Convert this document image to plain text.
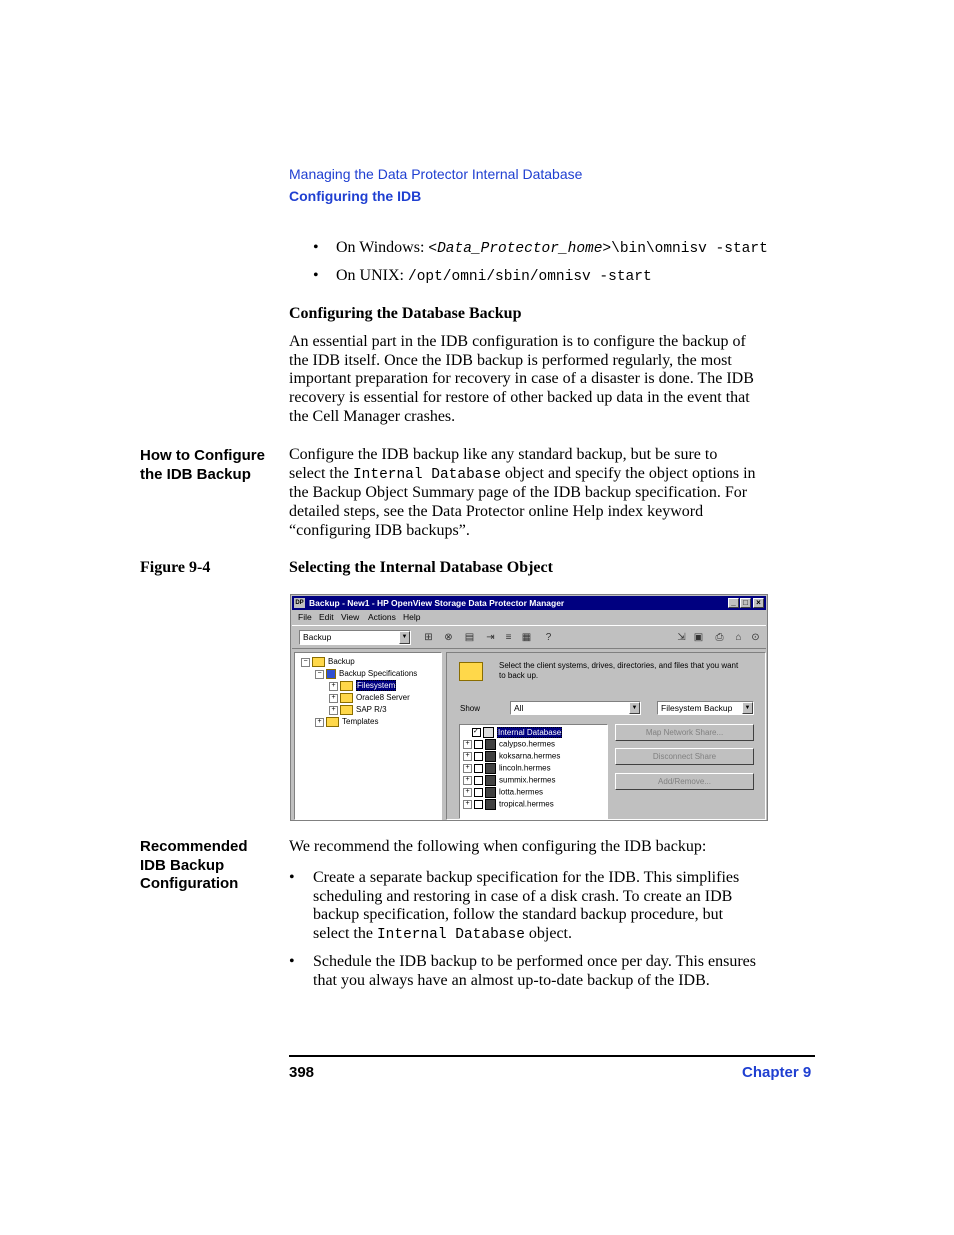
Managing the Data Protector Internal Database
Configuring the IDB
• On Windows: <Data_Protector_home>\bin\omnisv -start
• On UNIX: /opt/omni/sbin/omnisv -start
Configuring the Database Backup
An essential part in the IDB configuration is to configure the backup of
the IDB itself. Once the IDB backup is performed regularly, the most
important preparation for recovery in case of a disaster is done. The IDB
recovery is essential for restore of other backed up data in the event that
the Cell Manager crashes.
How to Configure
the IDB Backup
Configure the IDB backup like any standard backup, but be sure to
select the Internal Database object and specify the object options in
the Backup Object Summary page of the IDB backup specification. For
detailed steps, see the Data Protector online Help index keyword
“configuring IDB backups”.
Figure 9-4	Selecting the Internal Database Object
DP Backup - New1 - HP OpenView Storage Data Protector Manager	_ □	×
File Edit View Actions Help
Backup	▼ ⊞ ⊗ ▤ ⇥	≡	▦	?	⇲ ▣ ⎙	⌂ ⊙
−	Backup
− Backup Specifications
+	Filesystem
+	Oracle8 Server
+	SAP R/3
+	Templates
Select the client systems, drives, directories, and files that you want
to back up.
Show	All	▼	Filesystem Backup	▼
✓ Internal Database
+	calypso.hermes
+	koksarna.hermes
+	lincoln.hermes
+	summix.hermes
+	lotta.hermes
+	tropical.hermes
Map Network Share...
Disconnect Share
Add/Remove...
Recommended
IDB Backup
Configuration
We recommend the following when configuring the IDB backup:
• Create a separate backup specification for the IDB. This simplifies
scheduling and restoring in case of a disk crash. To create an IDB
backup specification, follow the standard backup procedure, but
select the Internal Database object.
• Schedule the IDB backup to be performed once per day. This ensures
that you always have an almost up-to-date backup of the IDB.
398	Chapter 9
